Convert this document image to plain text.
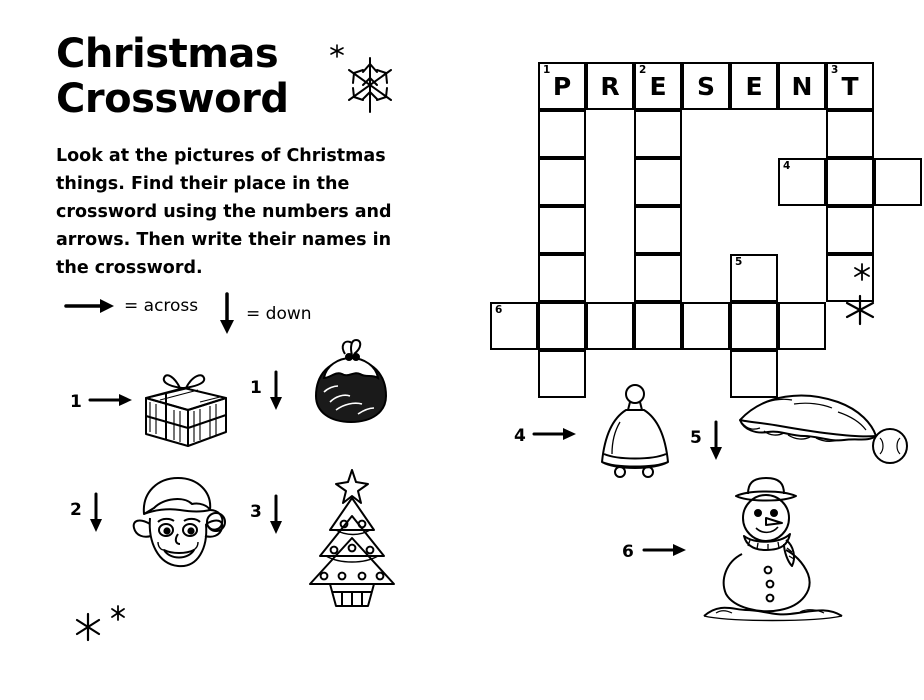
Christmas
Crossword
Look at the pictures of Christmas things. Find their place in the crossword using the numbers and arrows. Then write their names in the crossword.
= across	= down
1
1
2	3
1
P	R
2
E	S	E	N
3
T
4
5
6
4	5
6
